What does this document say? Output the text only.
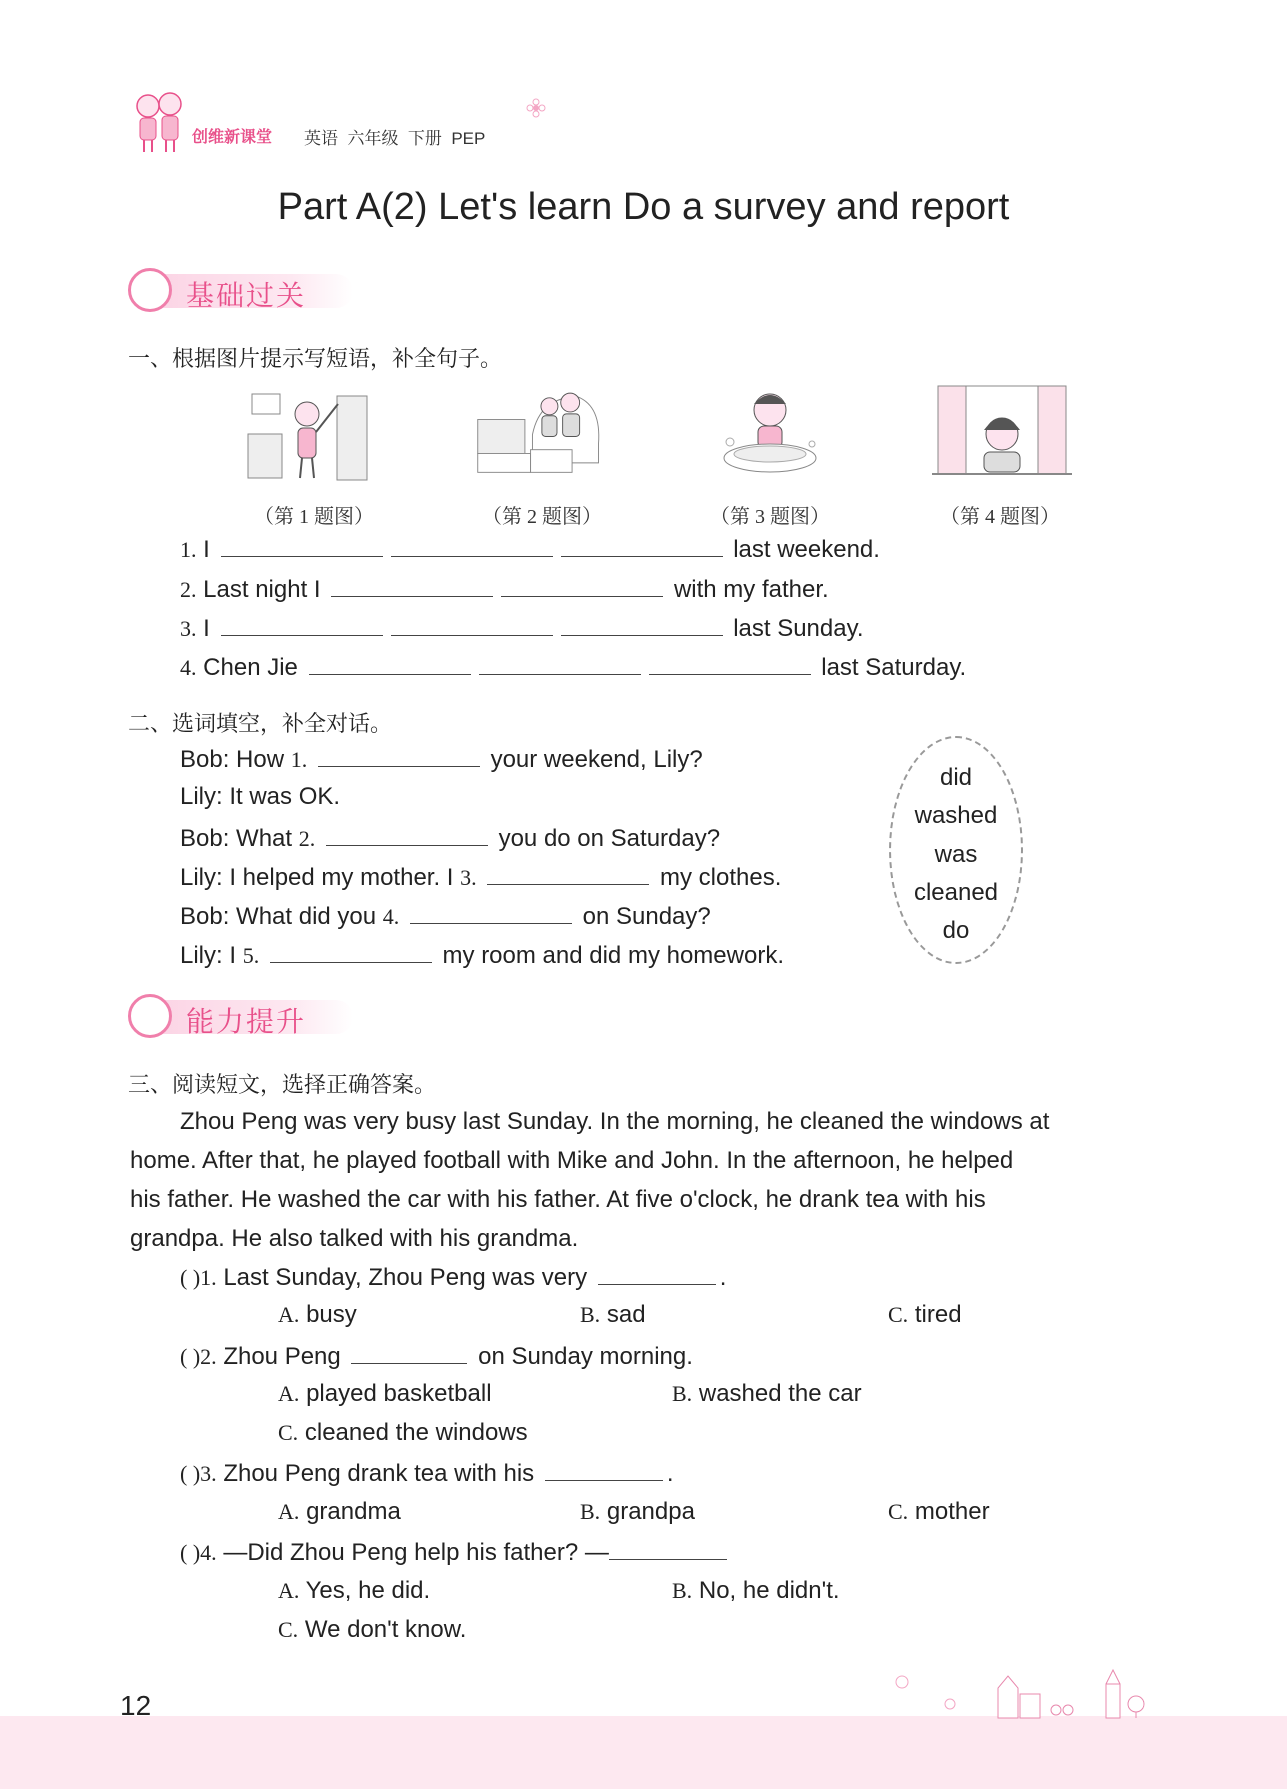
创维新课堂 英语  六年级  下册  PEP
Part A(2) Let's learn Do a survey and report
基础过关
一、根据图片提示写短语，补全句子。
（第 1 题图）	（第 2 题图）	（第 3 题图）	（第 4 题图）
1. I	last weekend.
2. Last night I	with my father.
3. I	last Sunday.
4. Chen Jie	last Saturday.
二、选词填空，补全对话。
Bob: How 1.	your weekend, Lily?
Lily: It was OK.
Bob: What 2.	you do on Saturday?
Lily: I helped my mother. I 3.	my clothes.
Bob: What did you 4.	on Sunday?
Lily: I 5.	my room and did my homework.
did
washed
was
cleaned
do
能力提升
三、阅读短文，选择正确答案。
Zhou Peng was very busy last Sunday. In the morning, he cleaned the windows at
home. After that, he played football with Mike and John. In the afternoon, he helped
his father. He washed the car with his father. At five o'clock, he drank tea with his
grandpa. He also talked with his grandma.
( )1. Last Sunday, Zhou Peng was very	.
A. busy	B. sad	C. tired
( )2. Zhou Peng	on Sunday morning.
A. played basketball	B. washed the car
C. cleaned the windows
( )3. Zhou Peng drank tea with his	.
A. grandma	B. grandpa	C. mother
( )4. —Did Zhou Peng help his father? —
A. Yes, he did.	B. No, he didn't.
C. We don't know.
12
